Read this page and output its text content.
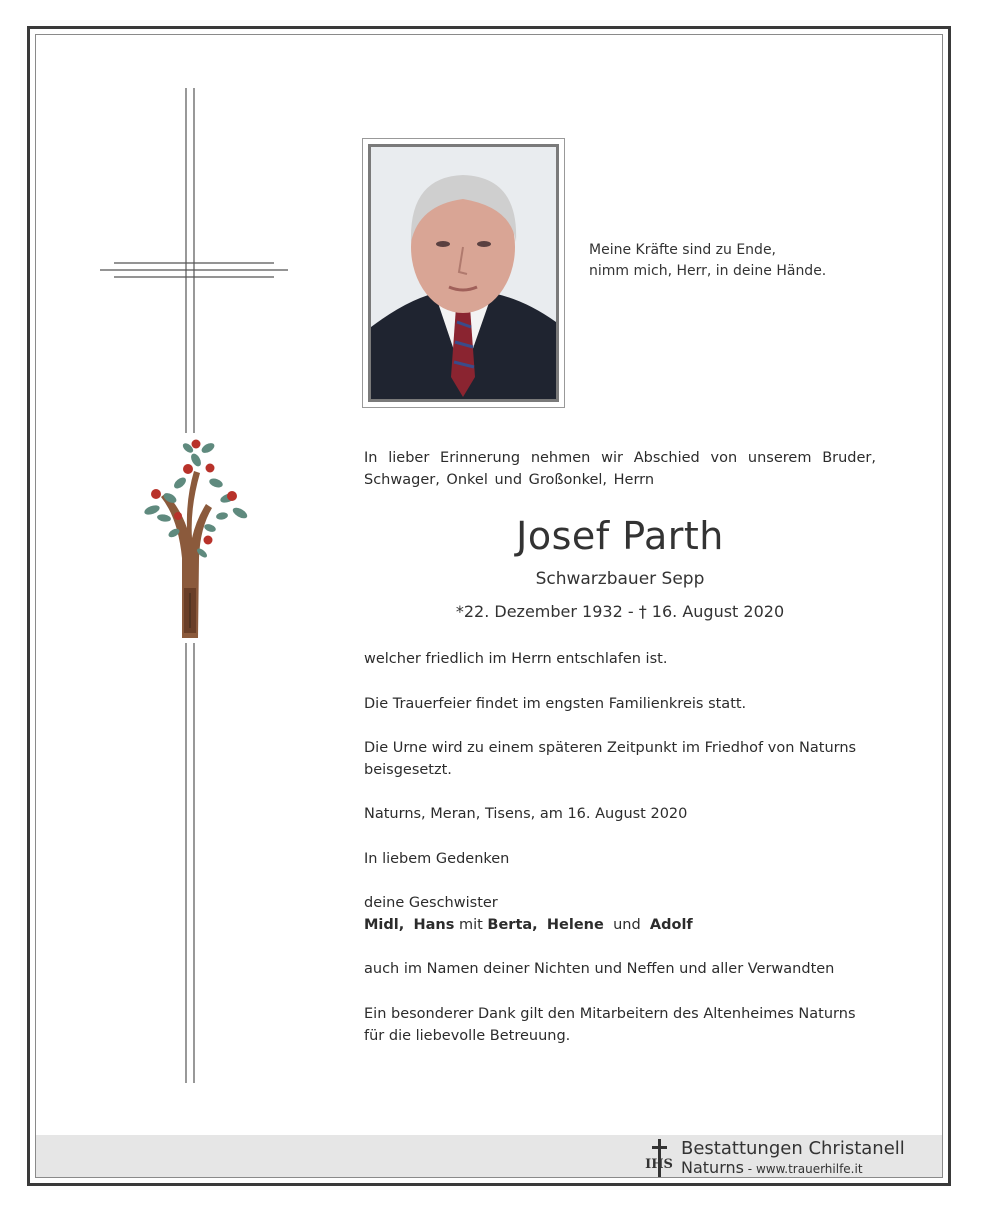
Meine Kräfte sind zu Ende,
nimm mich, Herr, in deine Hände.
In lieber Erinnerung nehmen wir Abschied von unserem Bruder, Schwager, Onkel und Großonkel, Herrn
Josef Parth
Schwarzbauer Sepp
*22. Dezember 1932 - † 16. August 2020
welcher friedlich im Herrn entschlafen ist.
Die Trauerfeier findet im engsten Familienkreis statt.
Die Urne wird zu einem späteren Zeitpunkt im Friedhof von Naturns beisgesetzt.
Naturns, Meran, Tisens, am 16. August 2020
In liebem Gedenken
deine Geschwister
Midl, Hans mit Berta, Helene und Adolf
auch im Namen deiner Nichten und Neffen und aller Verwandten
Ein besonderer Dank gilt den Mitarbeitern des Altenheimes Naturns für die liebevolle Betreuung.
IHS
Bestattungen Christanell
Naturns - www.trauerhilfe.it
